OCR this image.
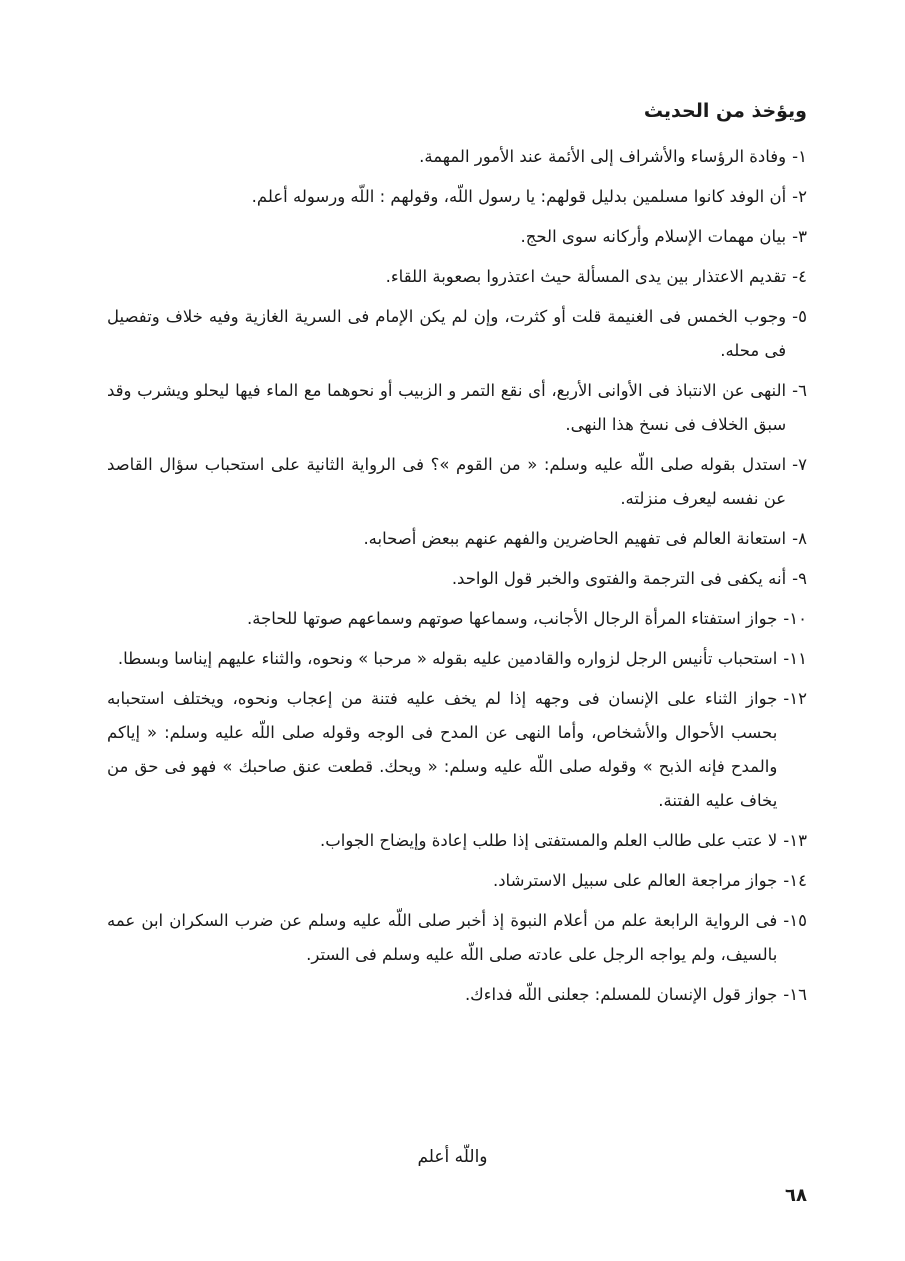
ويؤخذ من الحديث
١-
وفادة الرؤساء والأشراف إلى الأئمة عند الأمور المهمة.
٢-
أن الوفد كانوا مسلمين بدليل قولهم: يا رسول اللّه، وقولهم : اللّه ورسوله أعلم.
٣-
بيان مهمات الإسلام وأركانه سوى الحج.
٤-
تقديم الاعتذار بين يدى المسألة حيث اعتذروا بصعوبة اللقاء.
٥-
وجوب الخمس فى الغنيمة قلت أو كثرت، وإن لم يكن الإمام فى السرية الغازية وفيه خلاف وتفصيل فى محله.
٦-
النهى عن الانتباذ فى الأوانى الأربع، أى نقع التمر و الزبيب أو نحوهما مع الماء فيها ليحلو ويشرب وقد سبق الخلاف فى نسخ هذا النهى.
٧-
استدل بقوله صلى اللّه عليه وسلم: « من القوم »؟ فى الرواية الثانية على استحباب سؤال القاصد عن نفسه ليعرف منزلته.
٨-
استعانة العالم فى تفهيم الحاضرين والفهم عنهم ببعض أصحابه.
٩-
أنه يكفى فى الترجمة والفتوى والخبر قول الواحد.
١٠-
جواز استفتاء المرأة الرجال الأجانب، وسماعها صوتهم وسماعهم صوتها للحاجة.
١١-
استحباب تأنيس الرجل لزواره والقادمين عليه بقوله « مرحبا » ونحوه، والثناء عليهم إيناسا وبسطا.
١٢-
جواز الثناء على الإنسان فى وجهه إذا لم يخف عليه فتنة من إعجاب ونحوه، ويختلف استحبابه بحسب الأحوال والأشخاص، وأما النهى عن المدح فى الوجه وقوله صلى اللّه عليه وسلم: « إياكم والمدح فإنه الذبح » وقوله صلى اللّه عليه وسلم: « ويحك. قطعت عنق صاحبك » فهو فى حق من يخاف عليه الفتنة.
١٣-
لا عتب على طالب العلم والمستفتى إذا طلب إعادة وإيضاح الجواب.
١٤-
جواز مراجعة العالم على سبيل الاسترشاد.
١٥-
فى الرواية الرابعة علم من أعلام النبوة إذ أخبر صلى اللّه عليه وسلم عن ضرب السكران ابن عمه بالسيف، ولم يواجه الرجل على عادته صلى اللّه عليه وسلم فى الستر.
١٦-
جواز قول الإنسان للمسلم: جعلنى اللّه فداءك.
واللّه أعلم
٦٨
